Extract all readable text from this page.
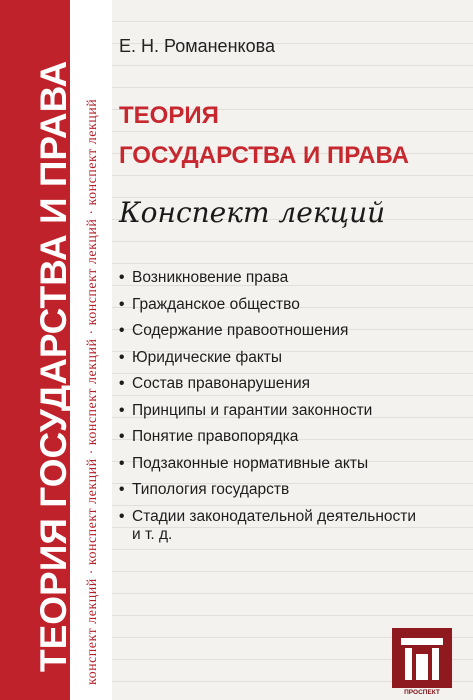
ТЕОРИЯ ГОСУДАРСТВА И ПРАВА конспект лекций · конспект лекций · конспект лекций · конспект лекций · конспект лекций
Е. Н. Романенкова
ТЕОРИЯ
ГОСУДАРСТВА И ПРАВА
Конспект лекций
• Возникновение права
• Гражданское общество
• Содержание правоотношения
• Юридические факты
• Состав правонарушения
• Принципы и гарантии законности
• Понятие правопорядка
• Подзаконные нормативные акты
• Типология государств
• Стадии законодательной деятельности
и т. д.
ПРОСПЕКТ
